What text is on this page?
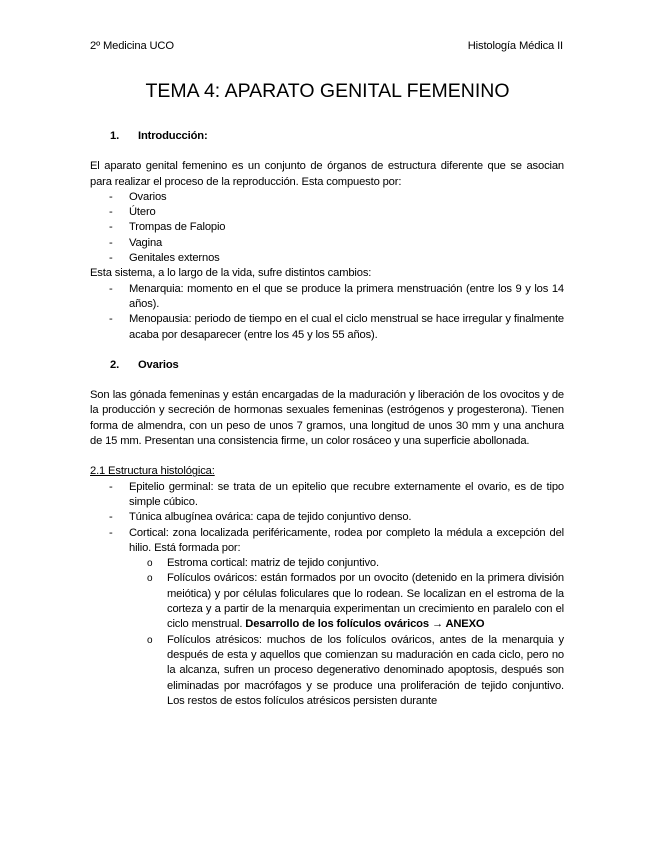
2º Medicina UCO	Histología Médica II
TEMA 4: APARATO GENITAL FEMENINO
1.	Introducción:

El aparato genital femenino es un conjunto de órganos de estructura diferente que se asocian para realizar el proceso de la reproducción. Esta compuesto por:

- Ovarios
- Útero
- Trompas de Falopio
- Vagina
- Genitales externos

Esta sistema, a lo largo de la vida, sufre distintos cambios:

- Menarquia: momento en el que se produce la primera menstruación (entre los 9 y los 14 años).
- Menopausia: periodo de tiempo en el cual el ciclo menstrual se hace irregular y finalmente acaba por desaparecer (entre los 45 y los 55 años).
2.	Ovarios

Son las gónada femeninas y están encargadas de la maduración y liberación de los ovocitos y de la producción y secreción de hormonas sexuales femeninas (estrógenos y progesterona). Tienen forma de almendra, con un peso de unos 7 gramos, una longitud de unos 30 mm y una anchura de 15 mm. Presentan una consistencia firme, un color rosáceo y una superficie abollonada.

2.1 Estructura histológica:
- Epitelio germinal: se trata de un epitelio que recubre externamente el ovario, es de tipo simple cúbico.
- Túnica albugínea ovárica: capa de tejido conjuntivo denso.
- Cortical: zona localizada periféricamente, rodea por completo la médula a excepción del hilio. Está formada por:
o Estroma cortical: matriz de tejido conjuntivo.
o Folículos ováricos: están formados por un ovocito (detenido en la primera división meiótica) y por células foliculares que lo rodean. Se localizan en el estroma de la corteza y a partir de la menarquia experimentan un crecimiento en paralelo con el ciclo menstrual. Desarrollo de los folículos ováricos → ANEXO
o Folículos atrésicos: muchos de los folículos ováricos, antes de la menarquia y después de esta y aquellos que comienzan su maduración en cada ciclo, pero no la alcanza, sufren un proceso degenerativo denominado apoptosis, después son eliminadas por macrófagos y se produce una proliferación de tejido conjuntivo. Los restos de estos folículos atrésicos persisten durante
